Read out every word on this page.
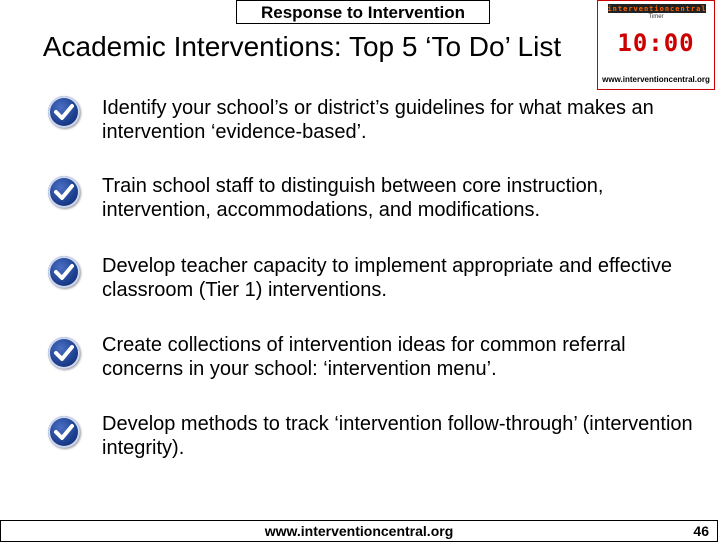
Response to Intervention
Academic Interventions: Top 5 ‘To Do’ List
interventioncentral
Timer
10:00
www.interventioncentral.org
Identify your school’s or district’s guidelines for what makes an intervention ‘evidence-based’.
Train school staff to distinguish between core instruction, intervention, accommodations, and modifications.
Develop teacher capacity to implement appropriate and effective classroom (Tier 1) interventions.
Create collections of intervention ideas for common referral concerns in your school: ‘intervention menu’.
Develop methods to track ‘intervention follow-through’ (intervention integrity).
www.interventioncentral.org	46
